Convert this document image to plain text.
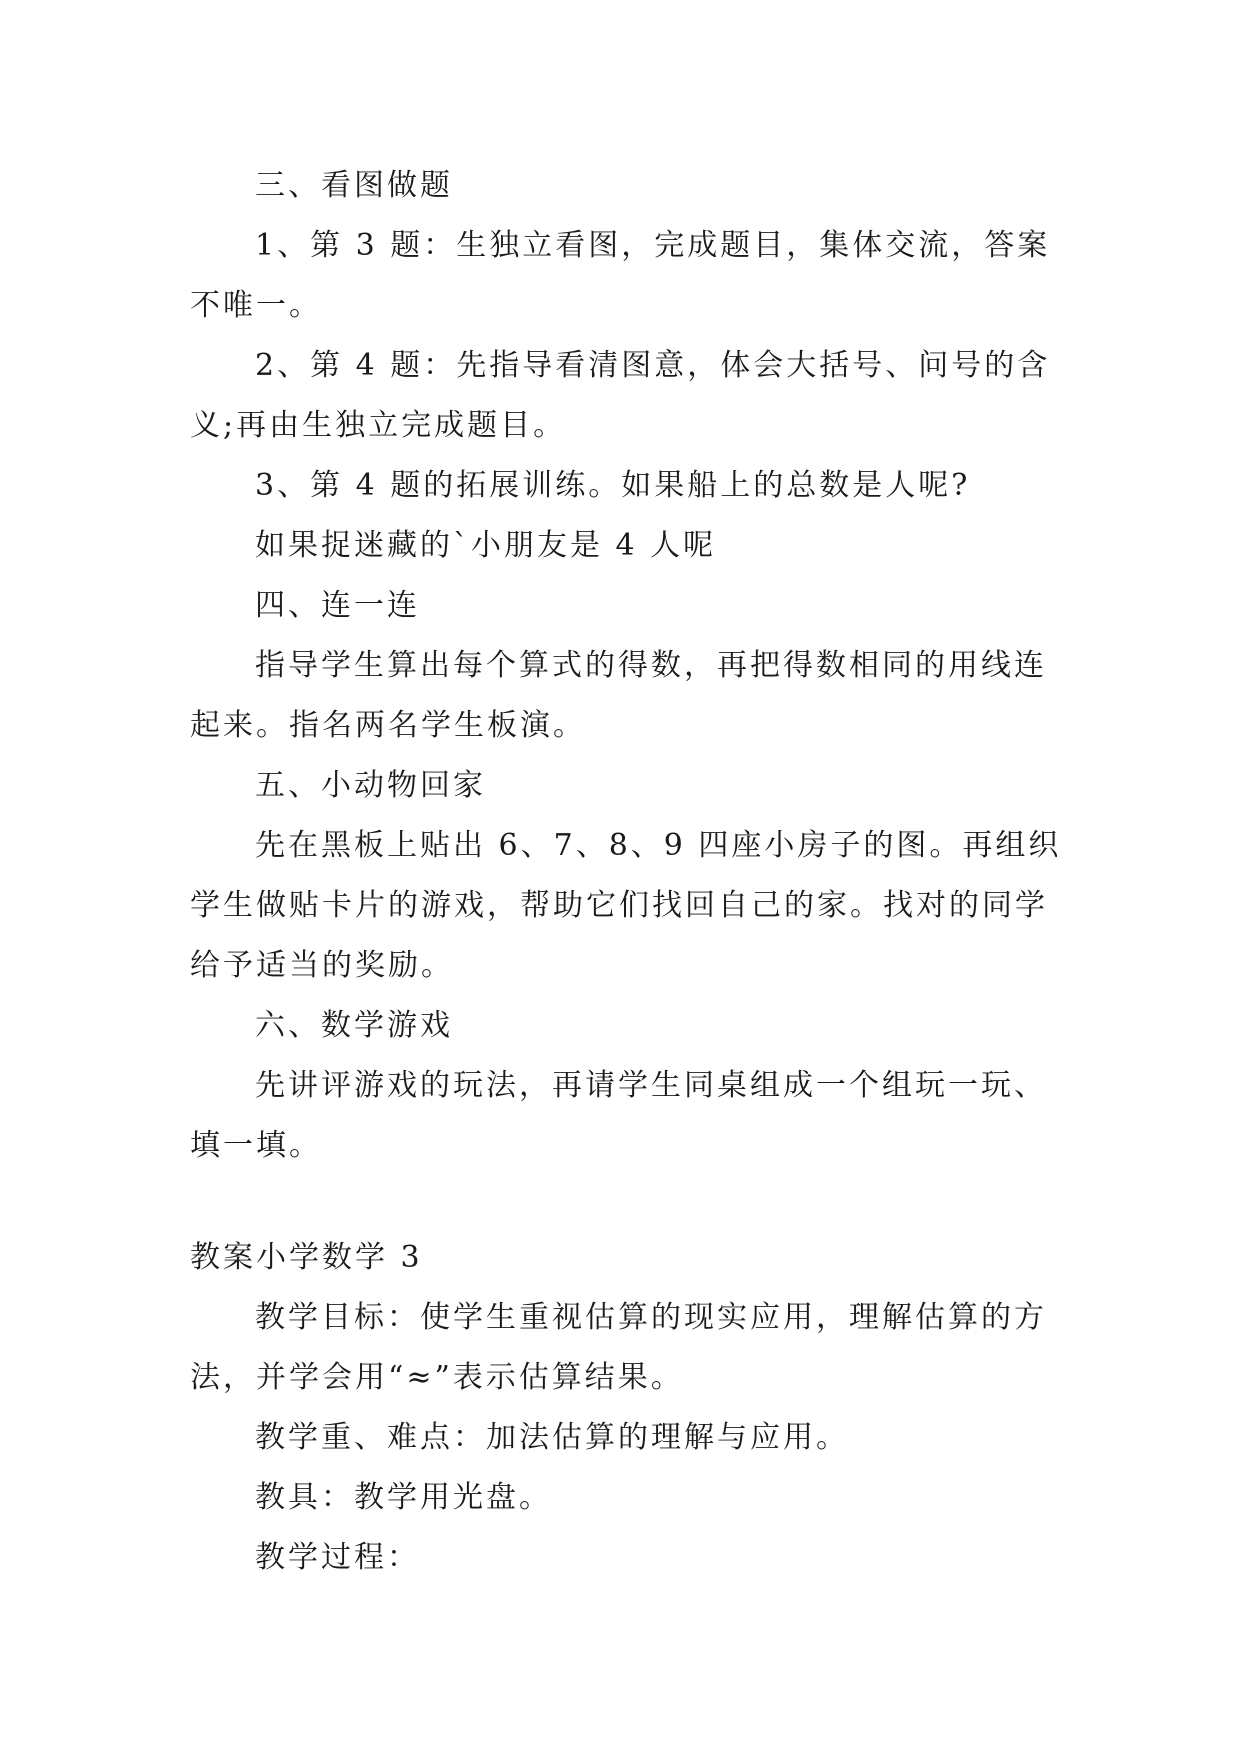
三、看图做题
1、第 3 题：生独立看图，完成题目，集体交流，答案
不唯一。
2、第 4 题：先指导看清图意，体会大括号、问号的含
义;再由生独立完成题目。
3、第 4 题的拓展训练。如果船上的总数是人呢?
如果捉迷藏的`小朋友是 4 人呢
四、连一连
指导学生算出每个算式的得数，再把得数相同的用线连
起来。指名两名学生板演。
五、小动物回家
先在黑板上贴出 6、7、8、9 四座小房子的图。再组织
学生做贴卡片的游戏，帮助它们找回自己的家。找对的同学
给予适当的奖励。
六、数学游戏
先讲评游戏的玩法，再请学生同桌组成一个组玩一玩、
填一填。
教案小学数学 3
教学目标：使学生重视估算的现实应用，理解估算的方
法，并学会用“≈”表示估算结果。
教学重、难点：加法估算的理解与应用。
教具：教学用光盘。
教学过程：
